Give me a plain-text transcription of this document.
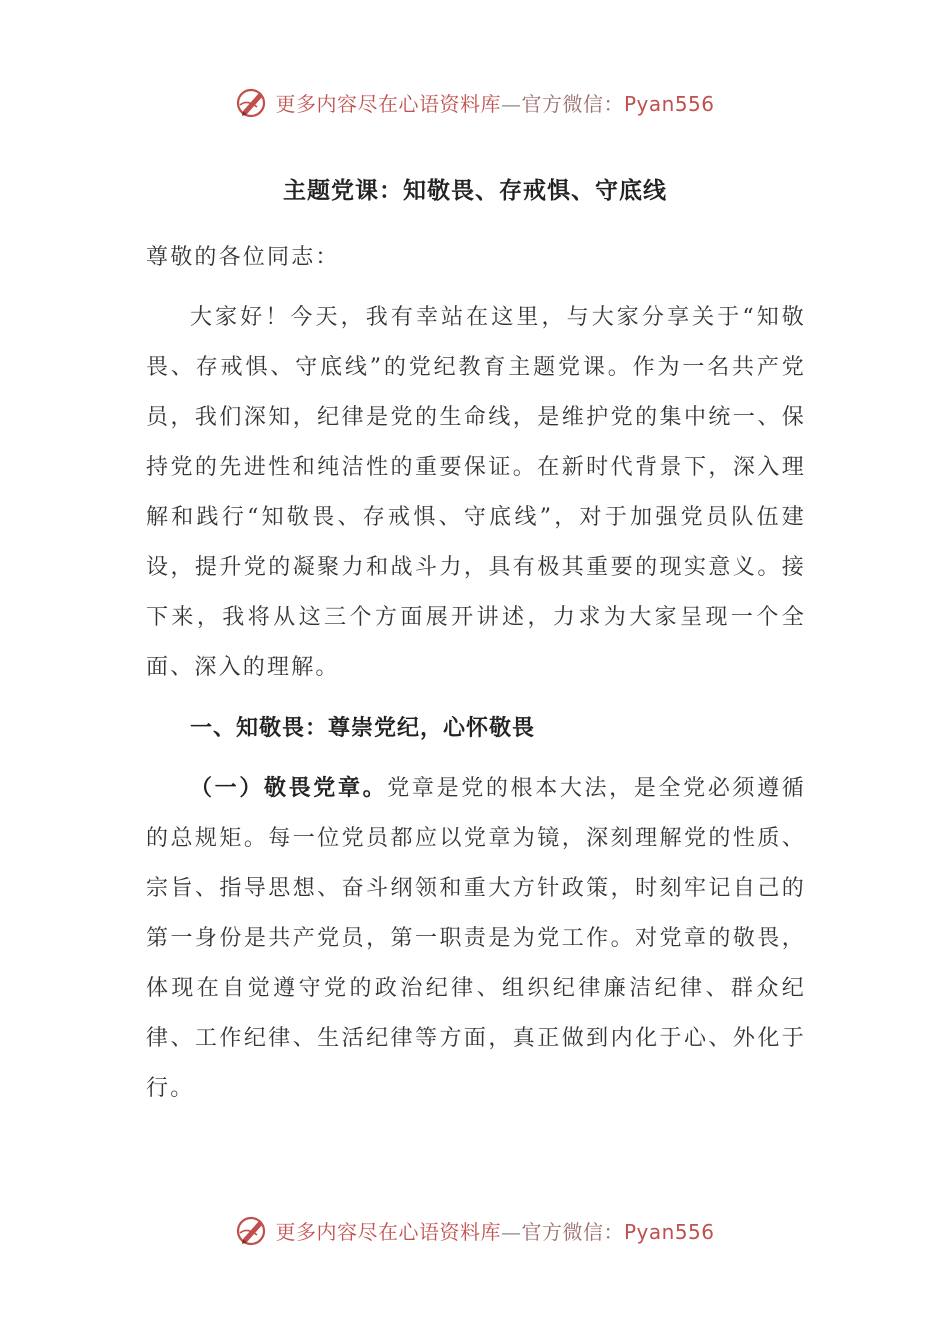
更多内容尽在心语资料库—官方微信：Pyan556
主题党课：知敬畏、存戒惧、守底线

尊敬的各位同志：

大家好！今天，我有幸站在这里，与大家分享关于“知敬畏、存戒惧、守底线”的党纪教育主题党课。作为一名共产党员，我们深知，纪律是党的生命线，是维护党的集中统一、保持党的先进性和纯洁性的重要保证。在新时代背景下，深入理解和践行“知敬畏、存戒惧、守底线”，对于加强党员队伍建设，提升党的凝聚力和战斗力，具有极其重要的现实意义。接下来，我将从这三个方面展开讲述，力求为大家呈现一个全面、深入的理解。

一、知敬畏：尊崇党纪，心怀敬畏

（一）敬畏党章。党章是党的根本大法，是全党必须遵循的总规矩。每一位党员都应以党章为镜，深刻理解党的性质、宗旨、指导思想、奋斗纲领和重大方针政策，时刻牢记自己的第一身份是共产党员，第一职责是为党工作。对党章的敬畏，体现在自觉遵守党的政治纪律、组织纪律廉洁纪律、群众纪律、工作纪律、生活纪律等方面，真正做到内化于心、外化于行。

更多内容尽在心语资料库—官方微信：Pyan556
